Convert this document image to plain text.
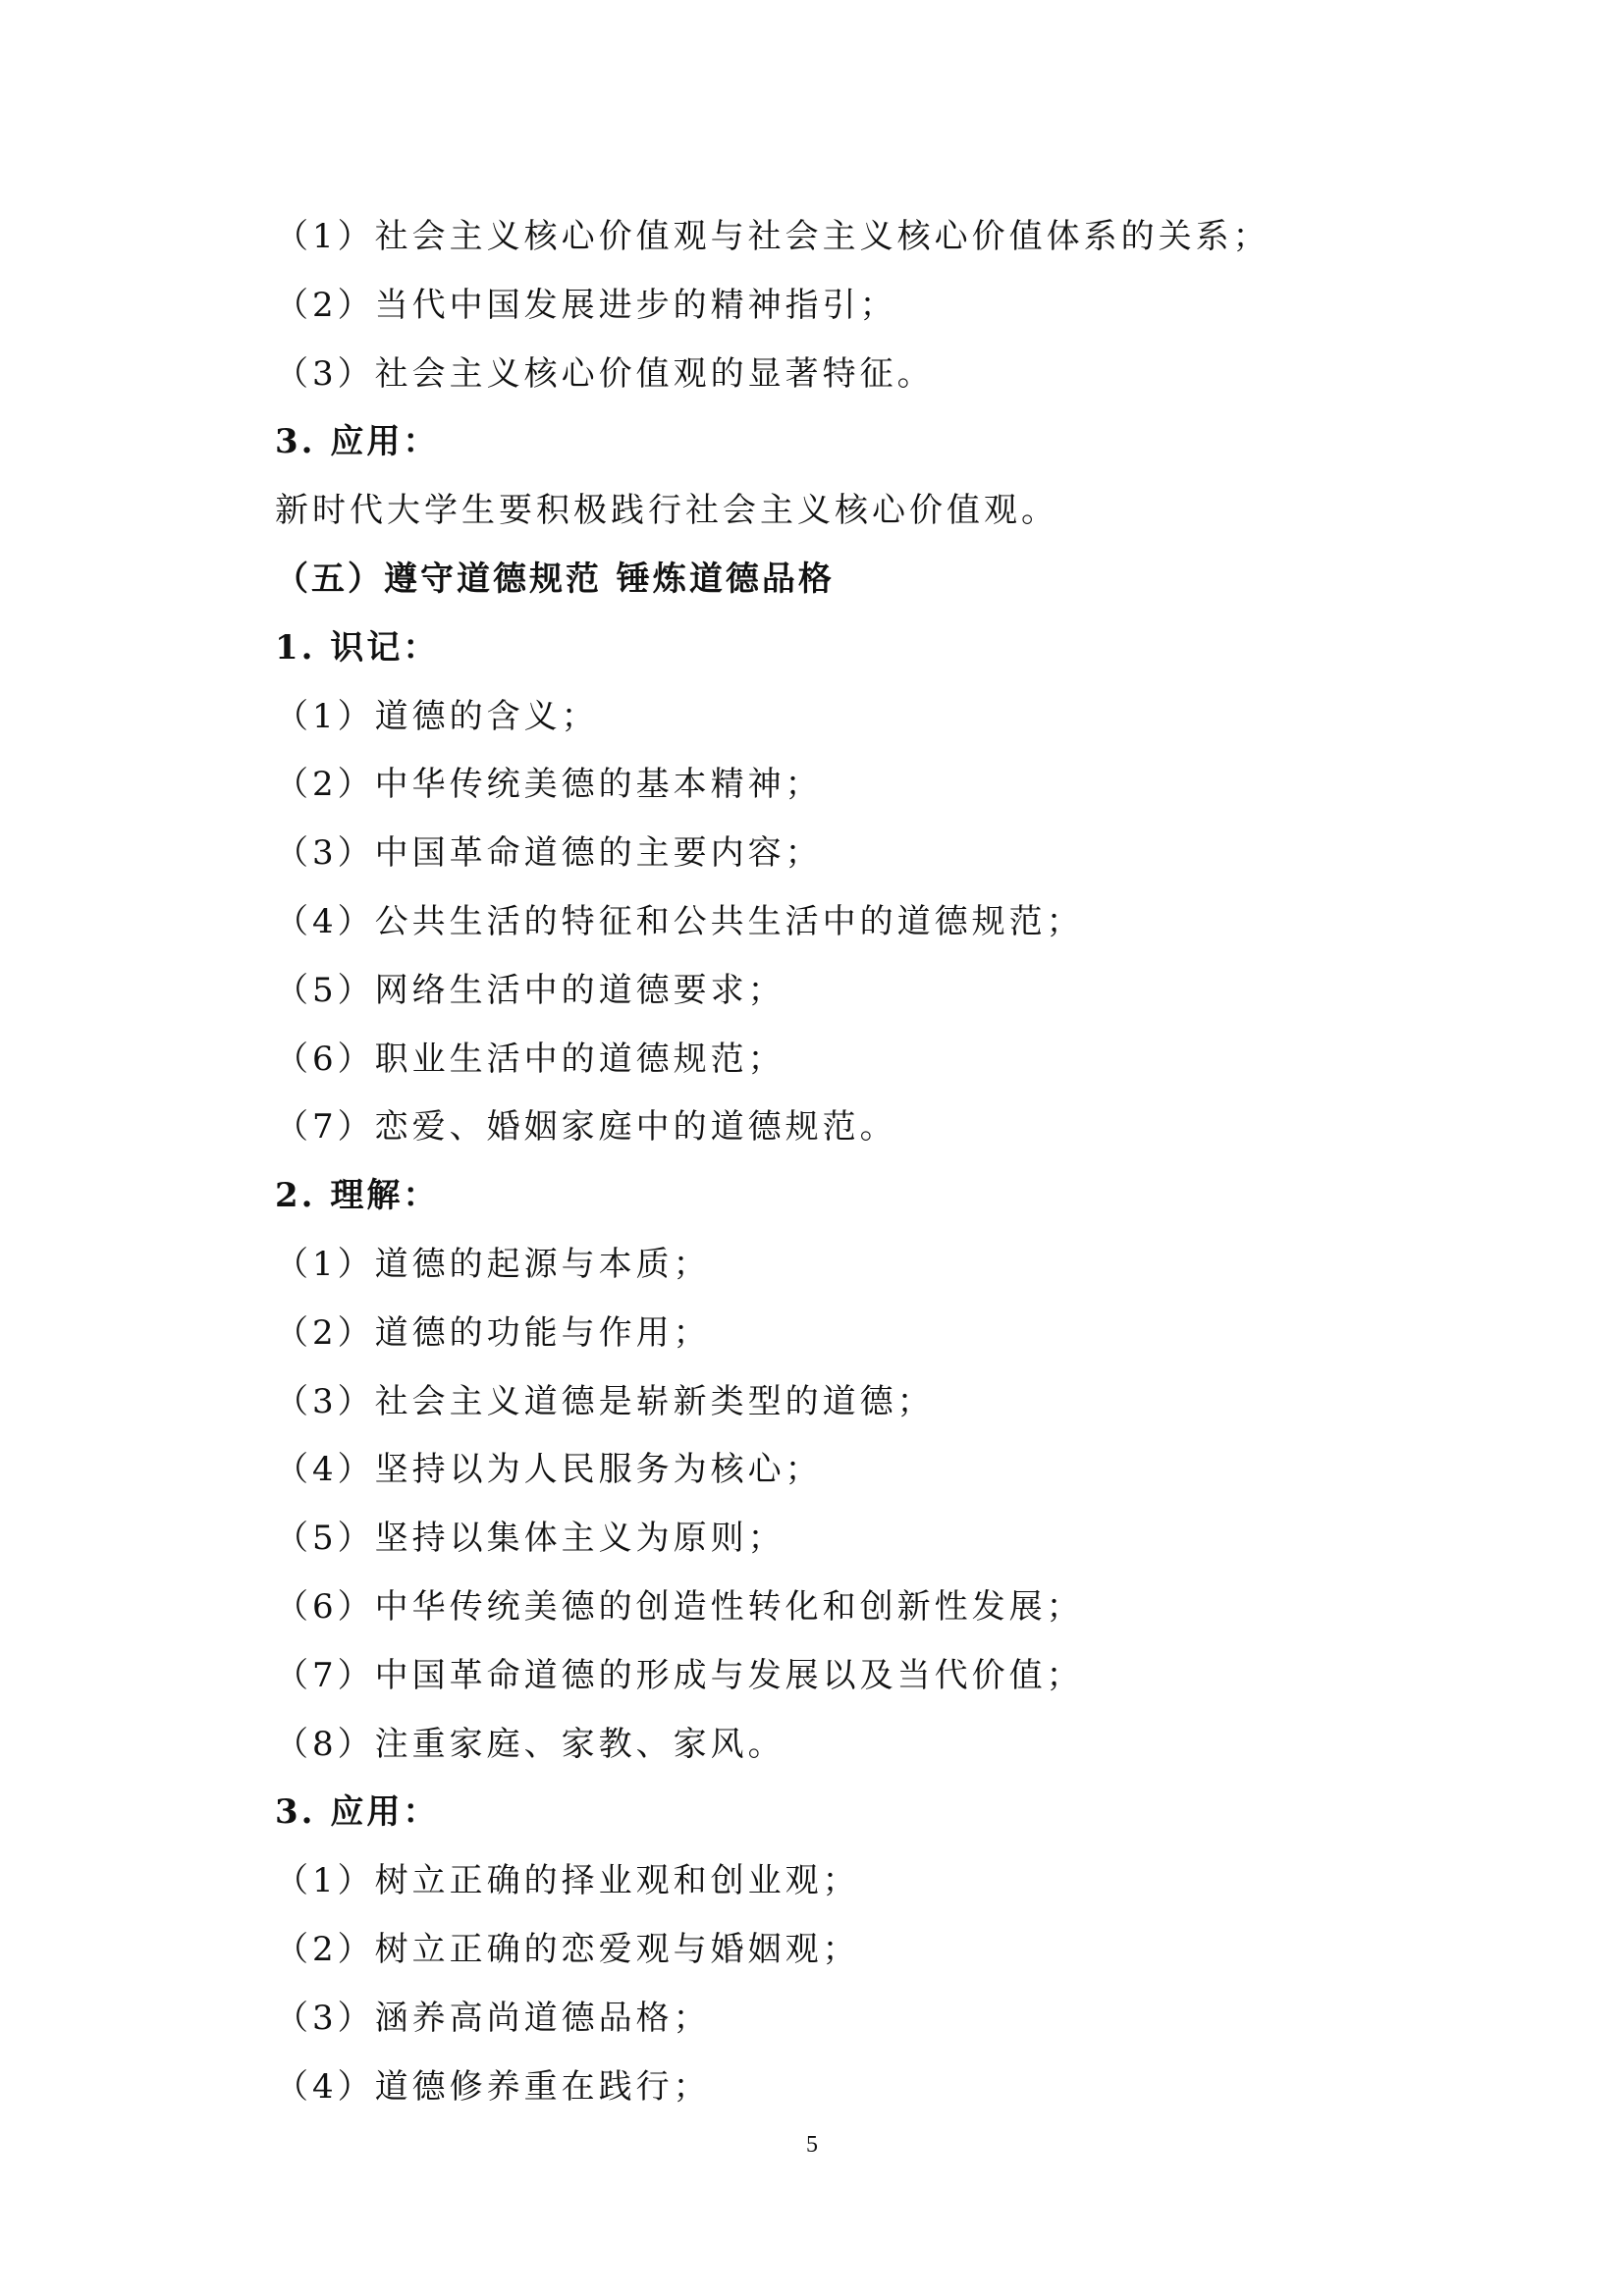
（1）社会主义核心价值观与社会主义核心价值体系的关系；
（2）当代中国发展进步的精神指引；
（3）社会主义核心价值观的显著特征。
3. 应用：
新时代大学生要积极践行社会主义核心价值观。
（五）遵守道德规范 锤炼道德品格
1. 识记：
（1）道德的含义；
（2）中华传统美德的基本精神；
（3）中国革命道德的主要内容；
（4）公共生活的特征和公共生活中的道德规范；
（5）网络生活中的道德要求；
（6）职业生活中的道德规范；
（7）恋爱、婚姻家庭中的道德规范。
2. 理解：
（1）道德的起源与本质；
（2）道德的功能与作用；
（3）社会主义道德是崭新类型的道德；
（4）坚持以为人民服务为核心；
（5）坚持以集体主义为原则；
（6）中华传统美德的创造性转化和创新性发展；
（7）中国革命道德的形成与发展以及当代价值；
（8）注重家庭、家教、家风。
3. 应用：
（1）树立正确的择业观和创业观；
（2）树立正确的恋爱观与婚姻观；
（3）涵养高尚道德品格；
（4）道德修养重在践行；
5
